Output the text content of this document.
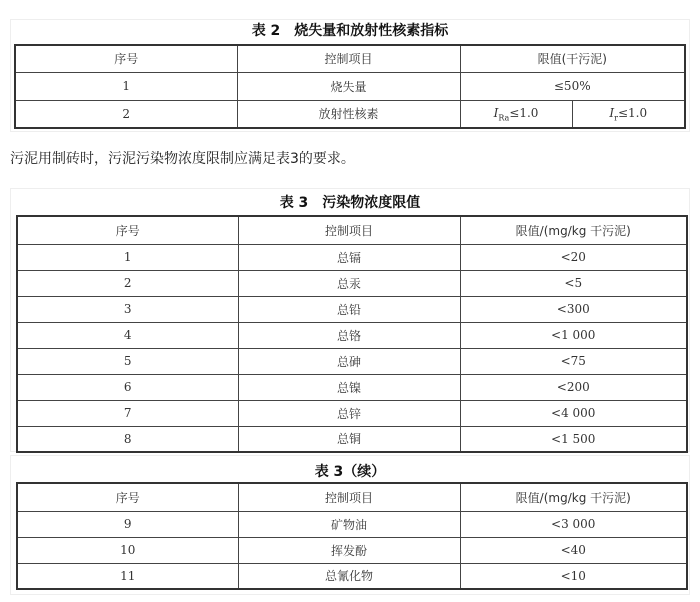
表 2　烧失量和放射性核素指标
序号	控制项目	限值(干污泥)	
1	烧失量	≤50%	
2	放射性核素	$I_{Ra}\le 1.0$	$I_r\le 1.0$
污泥用制砖时，污泥污染物浓度限制应满足表3的要求。
表 3　污染物浓度限值
序号	控制项目	限值/(mg/kg 干污泥)
1	总镉	<20
2	总汞	<5
3	总铅	<300
4	总铬	<1 000
5	总砷	<75
6	总镍	<200
7	总锌	<4 000
8	总铜	<1 500
表 3（续）
序号	控制项目	限值/(mg/kg 干污泥)
9	矿物油	<3 000
10	挥发酚	<40
11	总氰化物	<10
